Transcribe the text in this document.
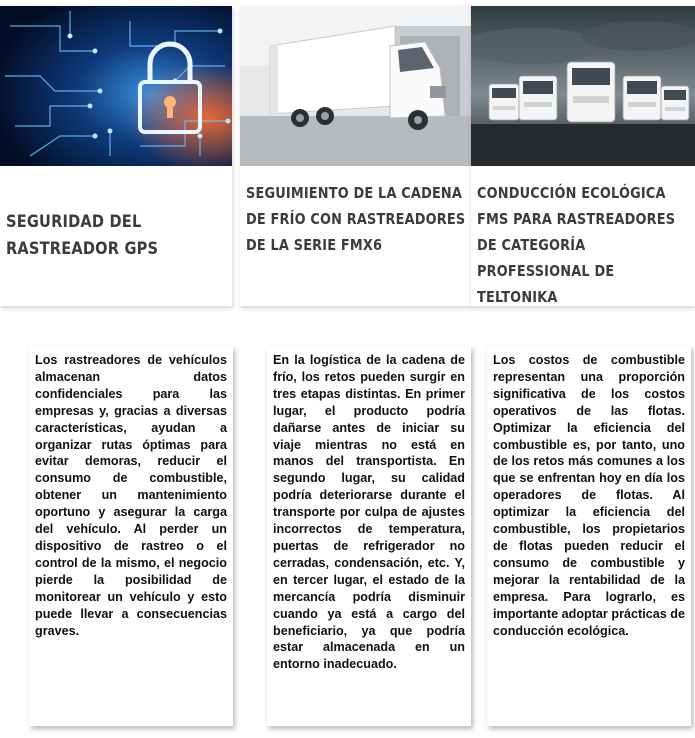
SEGURIDAD DEL RASTREADOR GPS
SEGUIMIENTO DE LA CADENA DE FRÍO CON RASTREADORES DE LA SERIE FMX6
CONDUCCIÓN ECOLÓGICA FMS PARA RASTREADORES DE CATEGORÍA PROFESSIONAL DE TELTONIKA
Los rastreadores de vehículos almacenan datos confidenciales para las empresas y, gracias a diversas características, ayudan a organizar rutas óptimas para evitar demoras, reducir el consumo de combustible, obtener un mantenimiento oportuno y asegurar la carga del vehículo. Al perder un dispositivo de rastreo o el control de la mismo, el negocio pierde la posibilidad de monitorear un vehículo y esto puede llevar a consecuencias graves.
En la logística de la cadena de frío, los retos pueden surgir en tres etapas distintas. En primer lugar, el producto podría dañarse antes de iniciar su viaje mientras no está en manos del transportista. En segundo lugar, su calidad podría deteriorarse durante el transporte por culpa de ajustes incorrectos de temperatura, puertas de refrigerador no cerradas, condensación, etc. Y, en tercer lugar, el estado de la mercancía podría disminuir cuando ya está a cargo del beneficiario, ya que podría estar almacenada en un entorno inadecuado.
Los costos de combustible representan una proporción significativa de los costos operativos de las flotas. Optimizar la eficiencia del combustible es, por tanto, uno de los retos más comunes a los que se enfrentan hoy en día los operadores de flotas. Al optimizar la eficiencia del combustible, los propietarios de flotas pueden reducir el consumo de combustible y mejorar la rentabilidad de la empresa. Para lograrlo, es importante adoptar prácticas de conducción ecológica.
